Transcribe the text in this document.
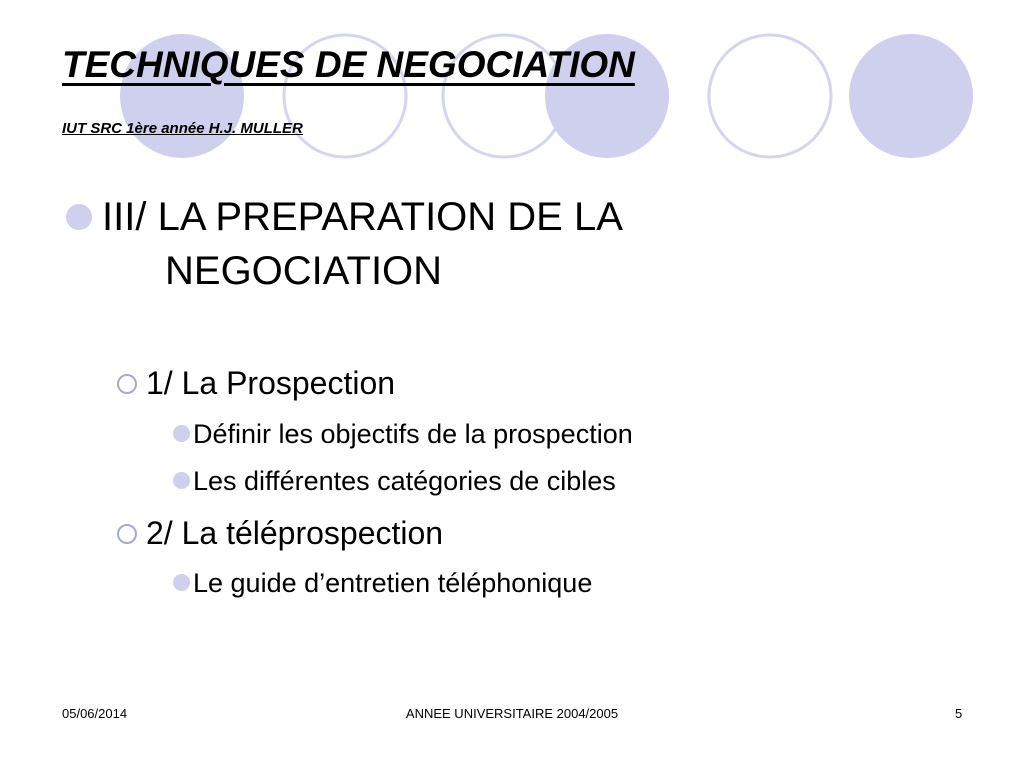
TECHNIQUES DE NEGOCIATION
IUT SRC 1ère année H.J. MULLER
III/ LA PREPARATION DE LA
NEGOCIATION
1/ La Prospection
Définir les objectifs de la prospection
Les différentes catégories de cibles
2/ La téléprospection
Le guide d’entretien téléphonique
05/06/2014	ANNEE UNIVERSITAIRE 2004/2005	5
